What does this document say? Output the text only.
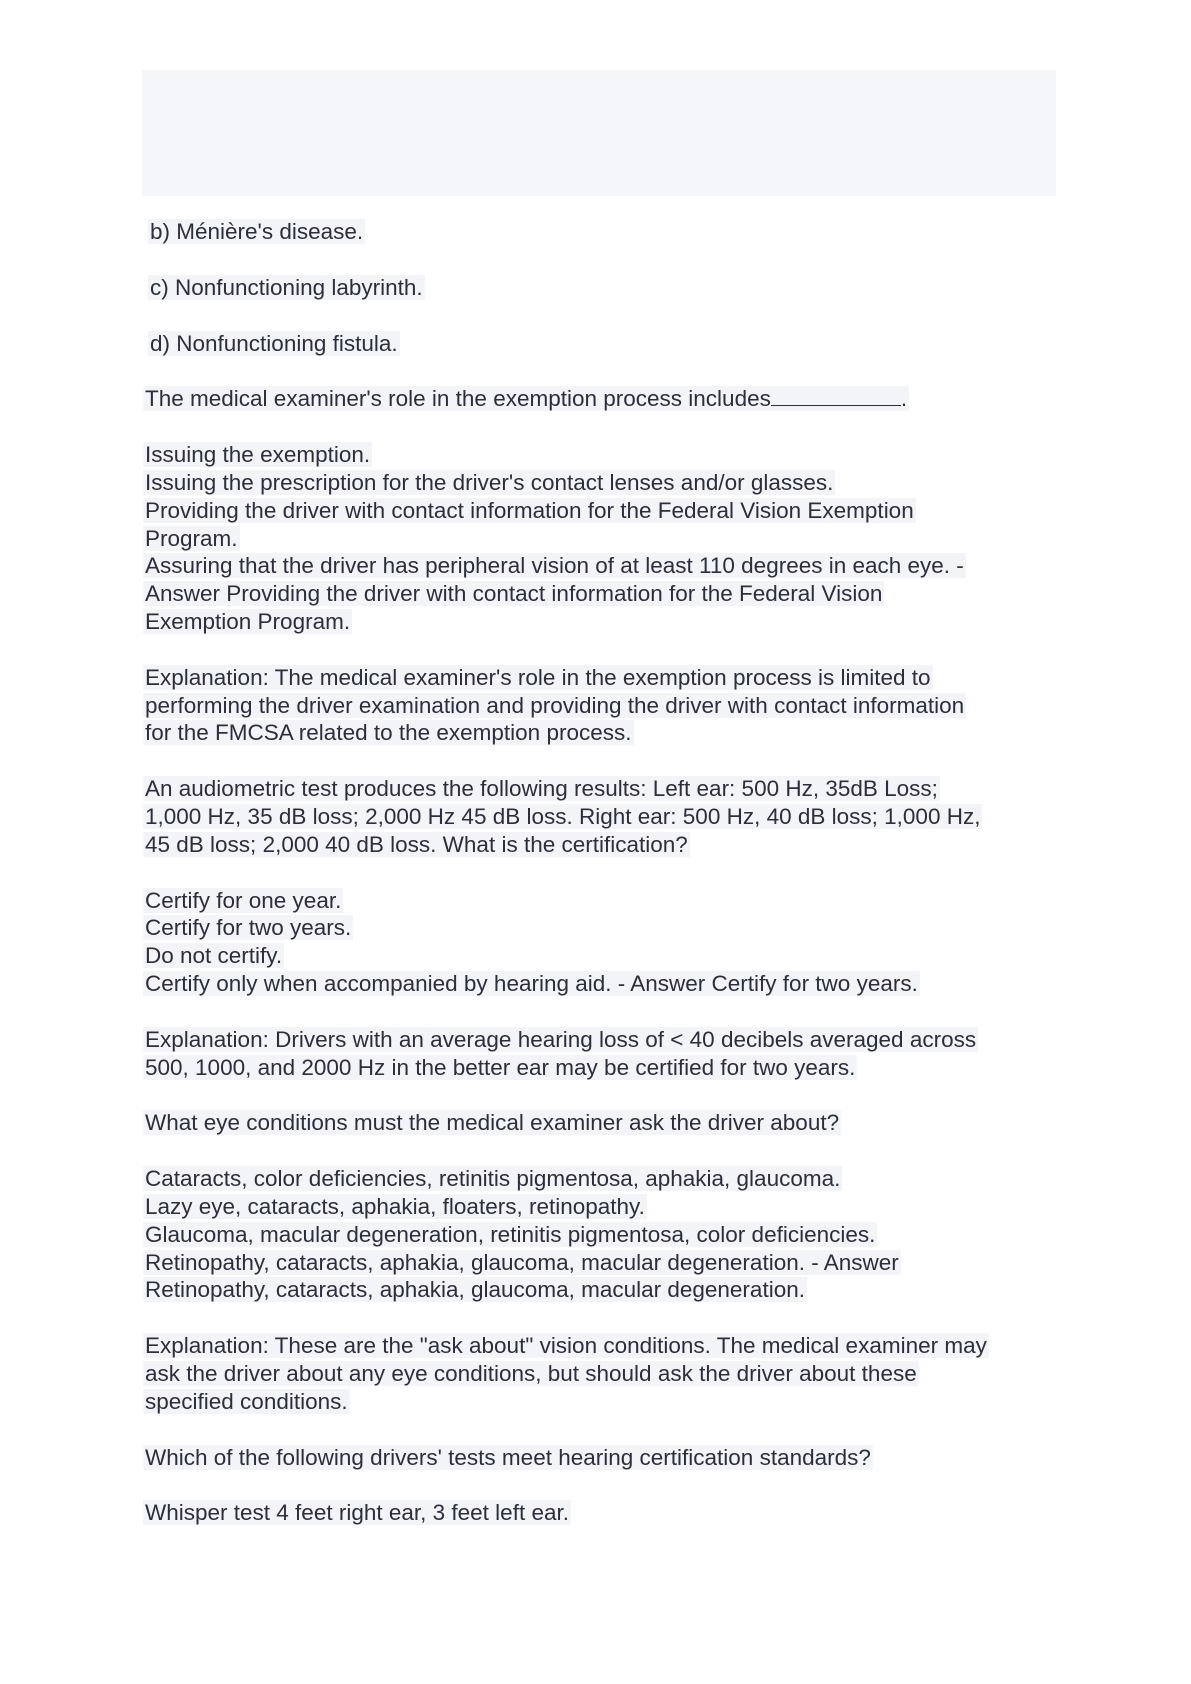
b) Ménière's disease.
c) Nonfunctioning labyrinth.
d) Nonfunctioning fistula.
The medical examiner's role in the exemption process includes	.
Issuing the exemption.
Issuing the prescription for the driver's contact lenses and/or glasses.
Providing the driver with contact information for the Federal Vision Exemption
Program.
Assuring that the driver has peripheral vision of at least 110 degrees in each eye. -
Answer Providing the driver with contact information for the Federal Vision
Exemption Program.
Explanation: The medical examiner's role in the exemption process is limited to
performing the driver examination and providing the driver with contact information
for the FMCSA related to the exemption process.
An audiometric test produces the following results: Left ear: 500 Hz, 35dB Loss;
1,000 Hz, 35 dB loss; 2,000 Hz 45 dB loss. Right ear: 500 Hz, 40 dB loss; 1,000 Hz,
45 dB loss; 2,000 40 dB loss. What is the certification?
Certify for one year.
Certify for two years.
Do not certify.
Certify only when accompanied by hearing aid. - Answer Certify for two years.
Explanation: Drivers with an average hearing loss of < 40 decibels averaged across
500, 1000, and 2000 Hz in the better ear may be certified for two years.
What eye conditions must the medical examiner ask the driver about?
Cataracts, color deficiencies, retinitis pigmentosa, aphakia, glaucoma.
Lazy eye, cataracts, aphakia, floaters, retinopathy.
Glaucoma, macular degeneration, retinitis pigmentosa, color deficiencies.
Retinopathy, cataracts, aphakia, glaucoma, macular degeneration. - Answer
Retinopathy, cataracts, aphakia, glaucoma, macular degeneration.
Explanation: These are the "ask about" vision conditions. The medical examiner may
ask the driver about any eye conditions, but should ask the driver about these
specified conditions.
Which of the following drivers' tests meet hearing certification standards?
Whisper test 4 feet right ear, 3 feet left ear.
